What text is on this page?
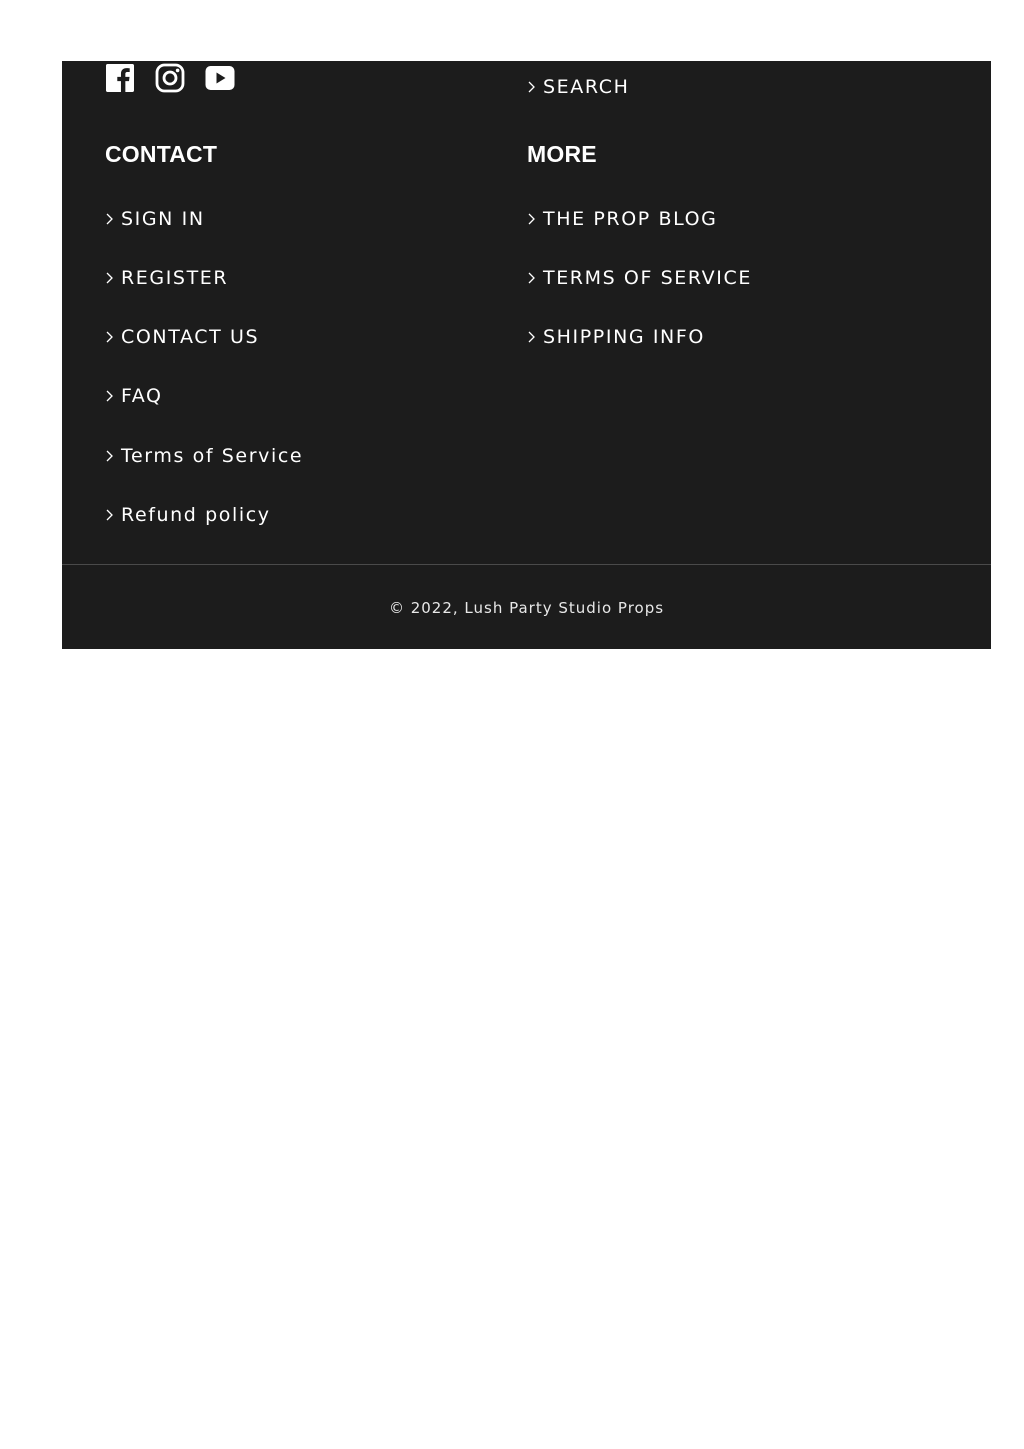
CONTACT
SIGN IN
REGISTER
CONTACT US
FAQ
Terms of Service
Refund policy
SEARCH
MORE
THE PROP BLOG
TERMS OF SERVICE
SHIPPING INFO
© 2022, Lush Party Studio Props
